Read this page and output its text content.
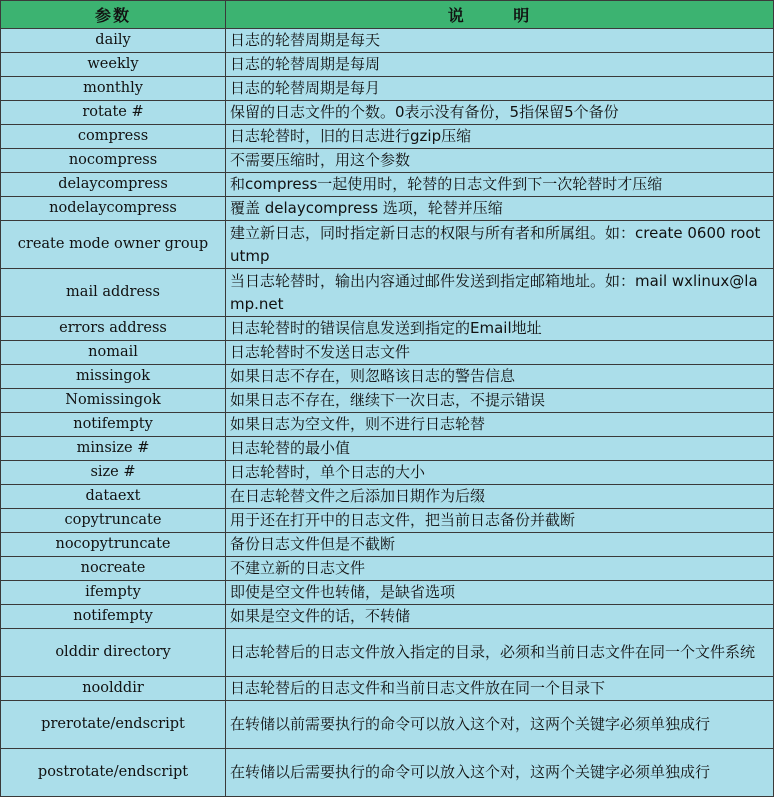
参数	说 明
daily	日志的轮替周期是每天
weekly	日志的轮替周期是每周
monthly	日志的轮替周期是每月
rotate #	保留的日志文件的个数。0表示没有备份，5指保留5个备份
compress	日志轮替时，旧的日志进行gzip压缩
nocompress	不需要压缩时，用这个参数
delaycompress	和compress一起使用时，轮替的日志文件到下一次轮替时才压缩
nodelaycompress	覆盖 delaycompress 选项，轮替并压缩
create mode owner group	建立新日志，同时指定新日志的权限与所有者和所属组。如：create 0600 root utmp
mail address	当日志轮替时，输出内容通过邮件发送到指定邮箱地址。如：mail wxlinux@lamp.net
errors address	日志轮替时的错误信息发送到指定的Email地址
nomail	日志轮替时不发送日志文件
missingok	如果日志不存在，则忽略该日志的警告信息
Nomissingok	如果日志不存在，继续下一次日志，不提示错误
notifempty	如果日志为空文件，则不进行日志轮替
minsize #	日志轮替的最小值
size #	日志轮替时，单个日志的大小
dataext	在日志轮替文件之后添加日期作为后缀
copytruncate	用于还在打开中的日志文件，把当前日志备份并截断
nocopytruncate	备份日志文件但是不截断
nocreate	不建立新的日志文件
ifempty	即使是空文件也转储，是缺省选项
notifempty	如果是空文件的话，不转储
olddir directory	日志轮替后的日志文件放入指定的目录，必须和当前日志文件在同一个文件系统
noolddir	日志轮替后的日志文件和当前日志文件放在同一个目录下
prerotate/endscript	在转储以前需要执行的命令可以放入这个对，这两个关键字必须单独成行
postrotate/endscript	在转储以后需要执行的命令可以放入这个对，这两个关键字必须单独成行
